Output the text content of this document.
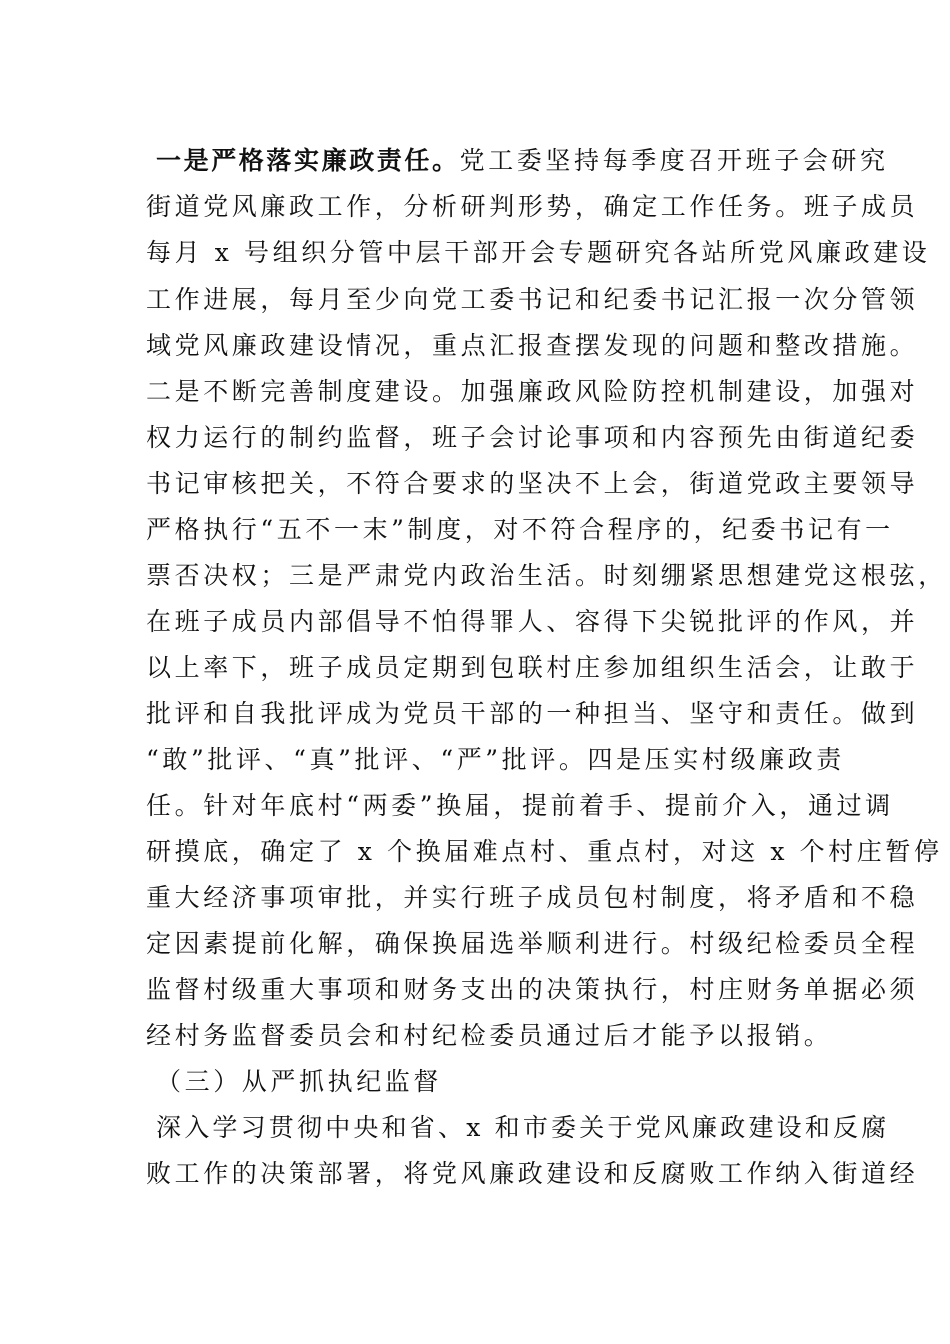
一是严格落实廉政责任。党工委坚持每季度召开班子会研究
街道党风廉政工作，分析研判形势，确定工作任务。班子成员
每月 x 号组织分管中层干部开会专题研究各站所党风廉政建设
工作进展，每月至少向党工委书记和纪委书记汇报一次分管领
域党风廉政建设情况，重点汇报查摆发现的问题和整改措施。
二是不断完善制度建设。加强廉政风险防控机制建设，加强对
权力运行的制约监督，班子会讨论事项和内容预先由街道纪委
书记审核把关，不符合要求的坚决不上会，街道党政主要领导
严格执行“五不一末”制度，对不符合程序的，纪委书记有一
票否决权；三是严肃党内政治生活。时刻绷紧思想建党这根弦，
在班子成员内部倡导不怕得罪人、容得下尖锐批评的作风，并
以上率下，班子成员定期到包联村庄参加组织生活会，让敢于
批评和自我批评成为党员干部的一种担当、坚守和责任。做到
“敢”批评、“真”批评、“严”批评。四是压实村级廉政责
任。针对年底村“两委”换届，提前着手、提前介入，通过调
研摸底，确定了 x 个换届难点村、重点村，对这 x 个村庄暂停
重大经济事项审批，并实行班子成员包村制度，将矛盾和不稳
定因素提前化解，确保换届选举顺利进行。村级纪检委员全程
监督村级重大事项和财务支出的决策执行，村庄财务单据必须
经村务监督委员会和村纪检委员通过后才能予以报销。
（三）从严抓执纪监督
深入学习贯彻中央和省、x 和市委关于党风廉政建设和反腐
败工作的决策部署，将党风廉政建设和反腐败工作纳入街道经
